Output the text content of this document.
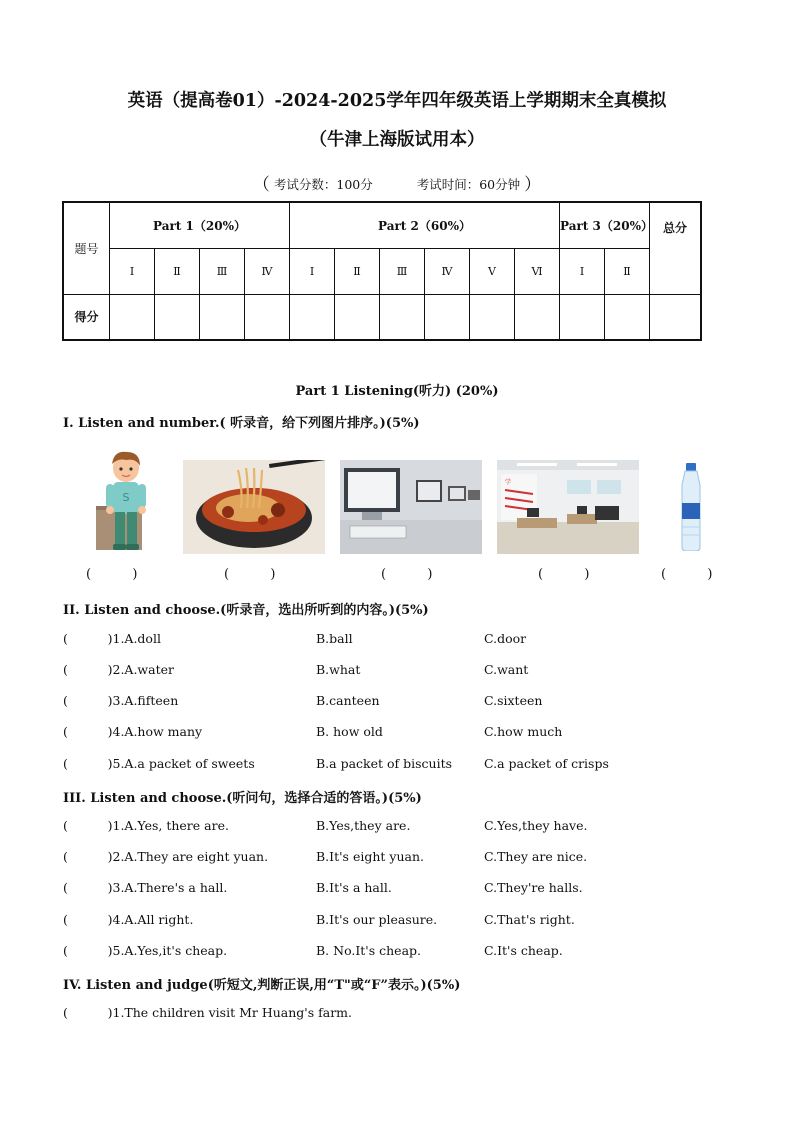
英语（提高卷01）-2024-2025学年四年级英语上学期期末全真模拟
（牛津上海版试用本）
（ 考试分数：100分	考试时间：60分钟 ）
题号	Part 1（20%）				Part 2（60%）						Part 3（20%）		总分
	Ⅰ	Ⅱ	Ⅲ	Ⅳ	Ⅰ	Ⅱ	Ⅲ	Ⅳ	Ⅴ	Ⅵ	Ⅰ	Ⅱ	
得分													
Part 1 Listening(听力) (20%)
I. Listen and number.( 听录音，给下列图片排序。)(5%)
S
学
(          )	(          )	(          )	(          )	(          )
II. Listen and choose.(听录音，选出所听到的内容。)(5%)
(          )1.A.doll	B.ball	C.door
(          )2.A.water	B.what	C.want
(          )3.A.fifteen	B.canteen	C.sixteen
(          )4.A.how many	B. how old	C.how much
(          )5.A.a packet of sweets	B.a packet of biscuits	C.a packet of crisps
III. Listen and choose.(听问句，选择合适的答语。)(5%)
(          )1.A.Yes, there are.	B.Yes,they are.	C.Yes,they have.
(          )2.A.They are eight yuan.	B.It's eight yuan.	C.They are nice.
(          )3.A.There's a hall.	B.It's a hall.	C.They're halls.
(          )4.A.All right.	B.It's our pleasure.	C.That's right.
(          )5.A.Yes,it's cheap.	B. No.It's cheap.	C.It's cheap.
IV. Listen and judge(听短文,判断正误,用“T"或“F”表示。)(5%)
(          )1.The children visit Mr Huang's farm.
